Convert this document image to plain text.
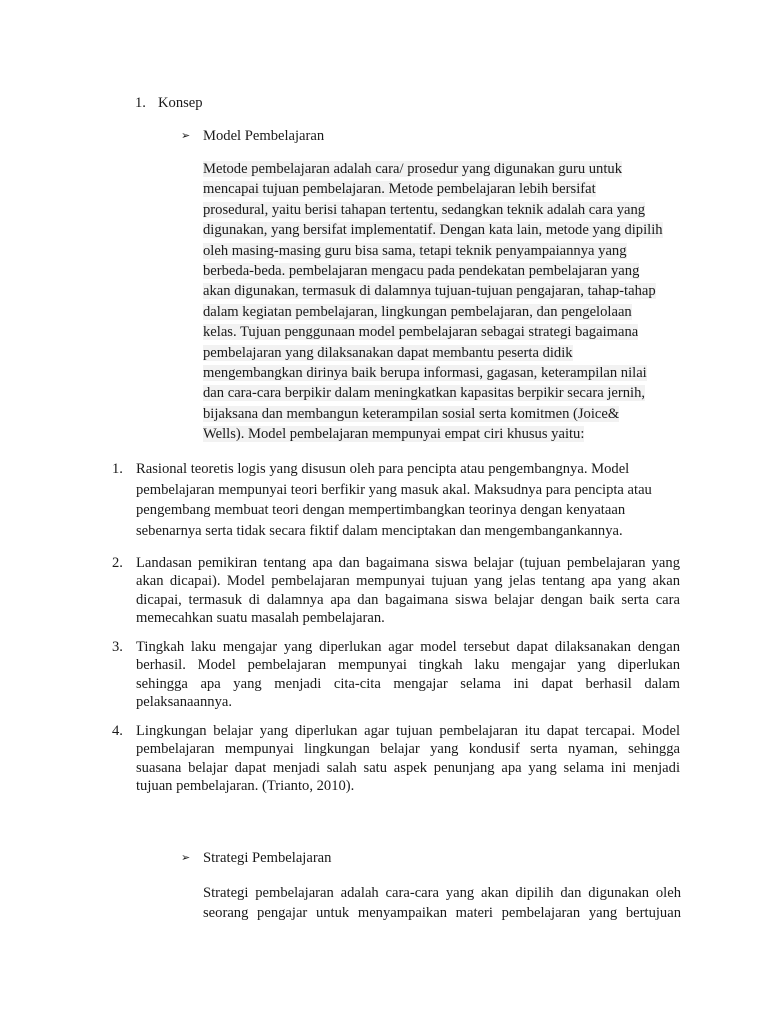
1. Konsep
➢ Model Pembelajaran
Metode pembelajaran adalah cara/ prosedur yang digunakan guru untuk
mencapai tujuan pembelajaran. Metode pembelajaran lebih bersifat
prosedural, yaitu berisi tahapan tertentu, sedangkan teknik adalah cara yang
digunakan, yang bersifat implementatif. Dengan kata lain, metode yang dipilih
oleh masing-masing guru bisa sama, tetapi teknik penyampaiannya yang
berbeda-beda. pembelajaran mengacu pada pendekatan pembelajaran yang
akan digunakan, termasuk di dalamnya tujuan-tujuan pengajaran, tahap-tahap
dalam kegiatan pembelajaran, lingkungan pembelajaran, dan pengelolaan
kelas. Tujuan penggunaan model pembelajaran sebagai strategi bagaimana
pembelajaran yang dilaksanakan dapat membantu peserta didik
mengembangkan dirinya baik berupa informasi, gagasan, keterampilan nilai
dan cara-cara berpikir dalam meningkatkan kapasitas berpikir secara jernih,
bijaksana dan membangun keterampilan sosial serta komitmen (Joice&
Wells). Model pembelajaran mempunyai empat ciri khusus yaitu:
1. Rasional teoretis logis yang disusun oleh para pencipta atau pengembangnya. Model
pembelajaran mempunyai teori berfikir yang masuk akal. Maksudnya para pencipta atau
pengembang membuat teori dengan mempertimbangkan teorinya dengan kenyataan
sebenarnya serta tidak secara fiktif dalam menciptakan dan mengembangankannya.
2. Landasan pemikiran tentang apa dan bagaimana siswa belajar (tujuan pembelajaran yang
akan dicapai). Model pembelajaran mempunyai tujuan yang jelas tentang apa yang akan
dicapai, termasuk di dalamnya apa dan bagaimana siswa belajar dengan baik serta cara
memecahkan suatu masalah pembelajaran.
3. Tingkah laku mengajar yang diperlukan agar model tersebut dapat dilaksanakan dengan
berhasil. Model pembelajaran mempunyai tingkah laku mengajar yang diperlukan
sehingga apa yang menjadi cita-cita mengajar selama ini dapat berhasil dalam
pelaksanaannya.
4. Lingkungan belajar yang diperlukan agar tujuan pembelajaran itu dapat tercapai. Model
pembelajaran mempunyai lingkungan belajar yang kondusif serta nyaman, sehingga
suasana belajar dapat menjadi salah satu aspek penunjang apa yang selama ini menjadi
tujuan pembelajaran. (Trianto, 2010).
➢ Strategi Pembelajaran
Strategi pembelajaran adalah cara-cara yang akan dipilih dan digunakan oleh
seorang pengajar untuk menyampaikan materi pembelajaran yang bertujuan
